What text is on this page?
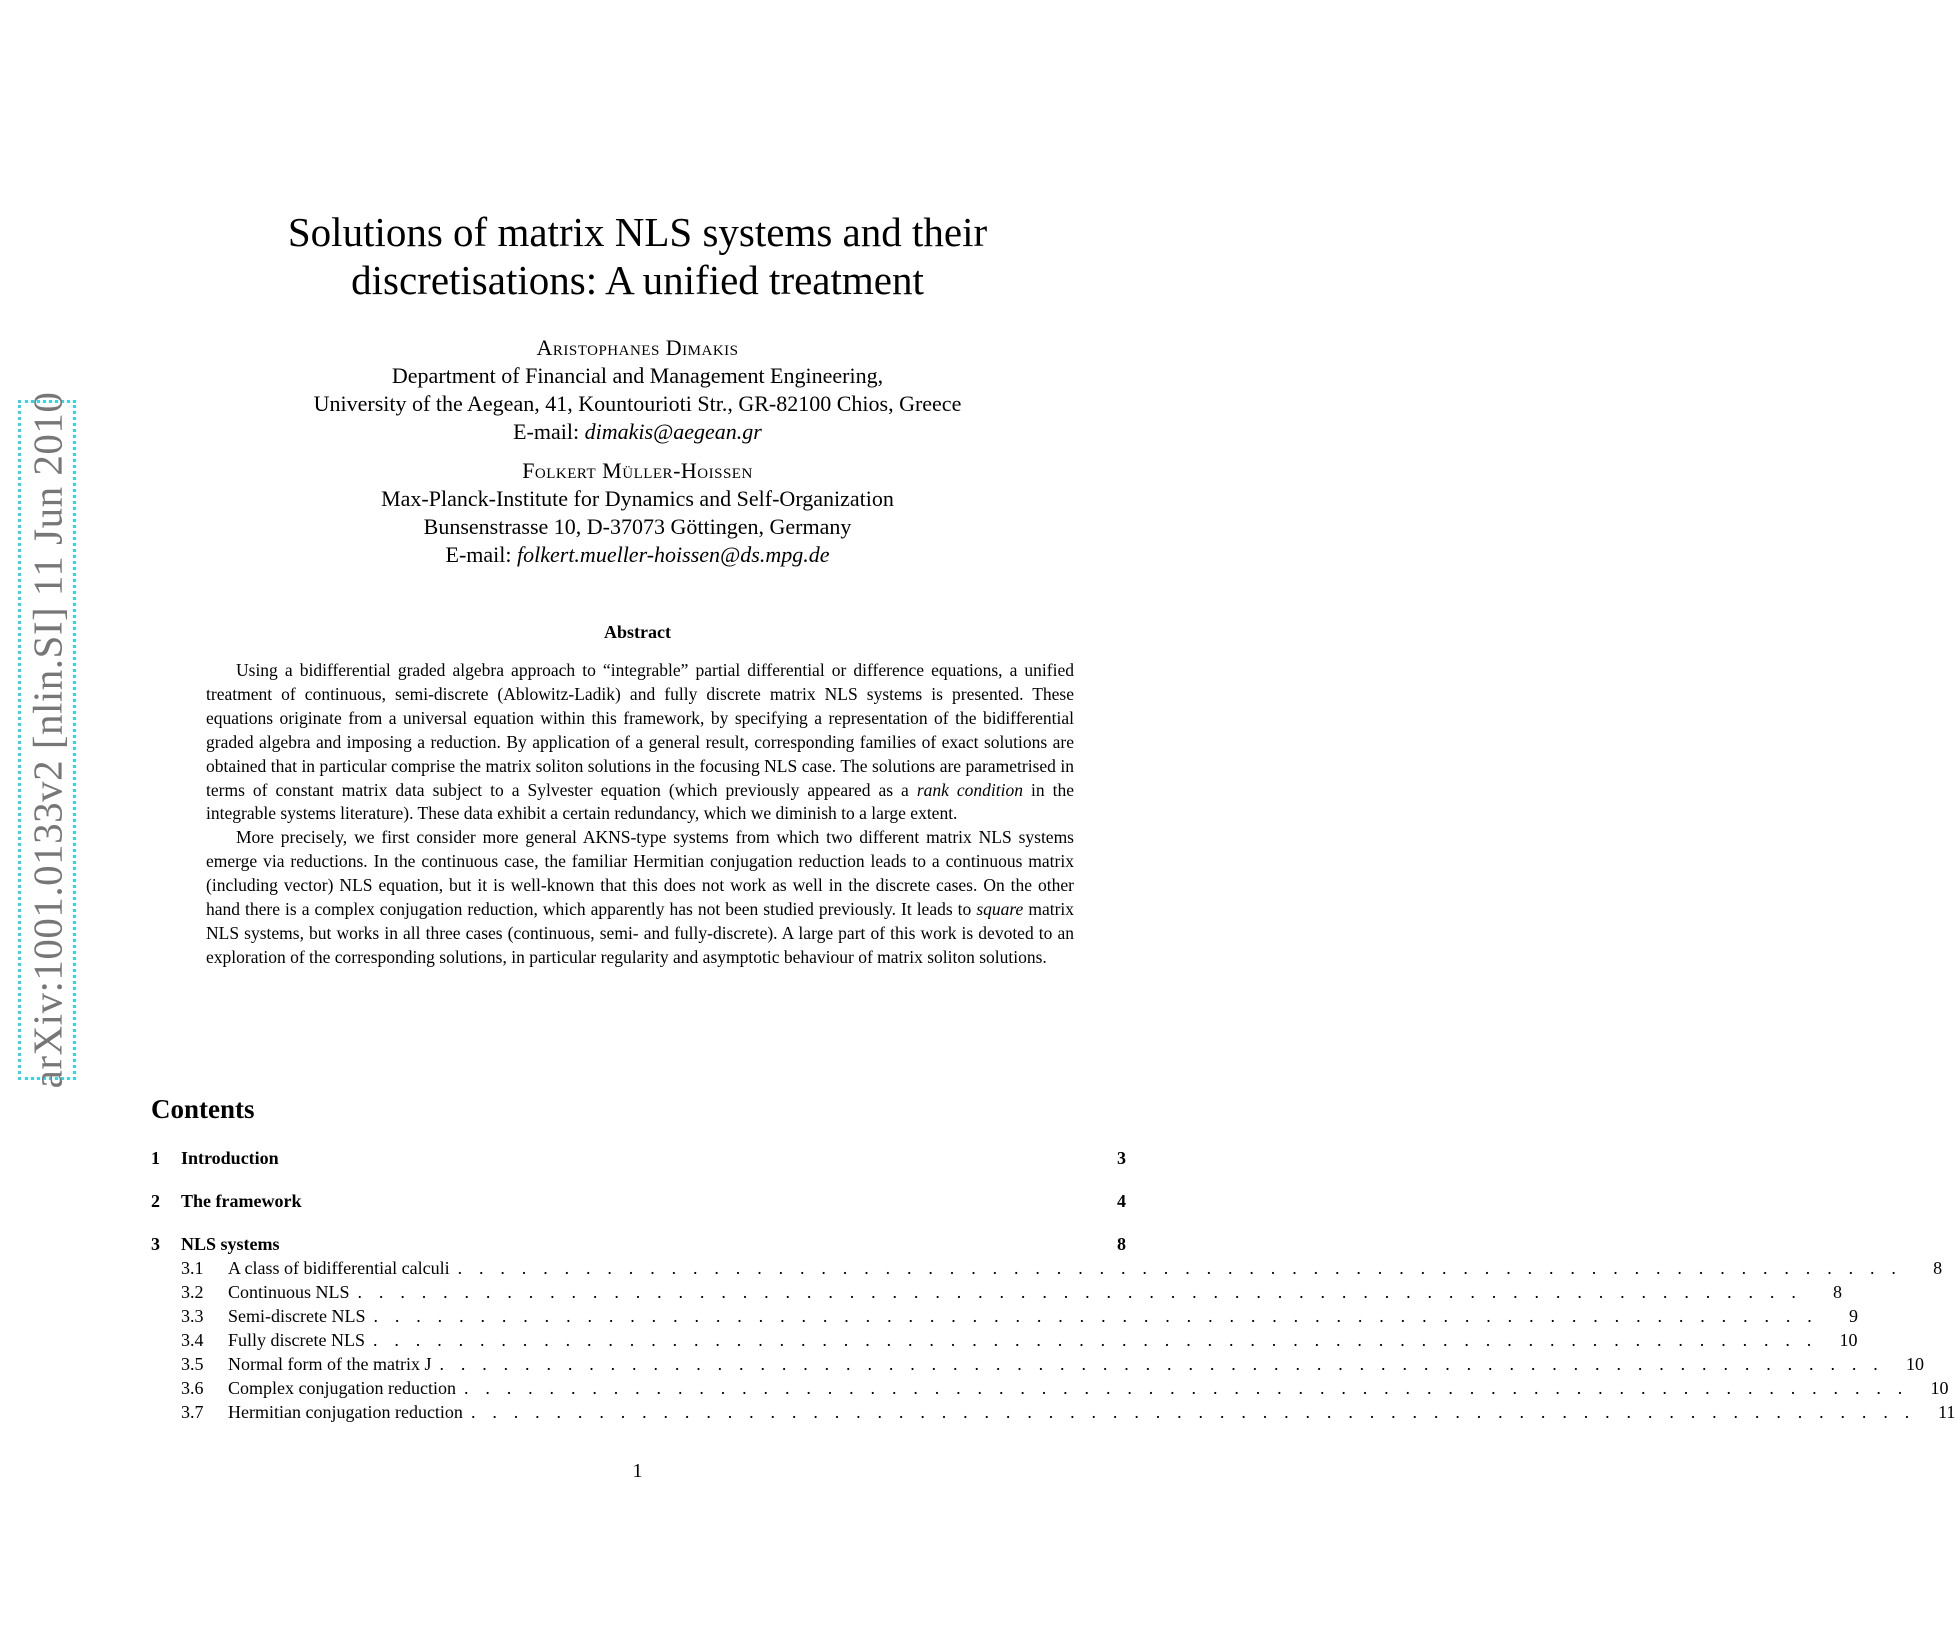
arXiv:1001.0133v2 [nlin.SI] 11 Jun 2010
Solutions of matrix NLS systems and their
discretisations: A unified treatment
Aristophanes Dimakis
Department of Financial and Management Engineering,
University of the Aegean, 41, Kountourioti Str., GR-82100 Chios, Greece
E-mail: dimakis@aegean.gr
Folkert Müller-Hoissen
Max-Planck-Institute for Dynamics and Self-Organization
Bunsenstrasse 10, D-37073 Göttingen, Germany
E-mail: folkert.mueller-hoissen@ds.mpg.de
Abstract

Using a bidifferential graded algebra approach to “integrable” partial differential or difference equations, a unified treatment of continuous, semi-discrete (Ablowitz-Ladik) and fully discrete matrix NLS systems is presented. These equations originate from a universal equation within this framework, by specifying a representation of the bidifferential graded algebra and imposing a reduction. By application of a general result, corresponding families of exact solutions are obtained that in particular comprise the matrix soliton solutions in the focusing NLS case. The solutions are parametrised in terms of constant matrix data subject to a Sylvester equation (which previously appeared as a rank condition in the integrable systems literature). These data exhibit a certain redundancy, which we diminish to a large extent.

More precisely, we first consider more general AKNS-type systems from which two different matrix NLS systems emerge via reductions. In the continuous case, the familiar Hermitian conjugation reduction leads to a continuous matrix (including vector) NLS equation, but it is well-known that this does not work as well in the discrete cases. On the other hand there is a complex conjugation reduction, which apparently has not been studied previously. It leads to square matrix NLS systems, but works in all three cases (continuous, semi- and fully-discrete). A large part of this work is devoted to an exploration of the corresponding solutions, in particular regularity and asymptotic behaviour of matrix soliton solutions.

Contents
1	Introduction	3
2	The framework	4
3	NLS systems	8
3.1	A class of bidifferential calculi . . . . . . . . . . . . . . . . . . . . . . . . . . . . . . . . . . . . . . . . . . . . . . . . . . . . . . . . . . . . . . . . . . . .	8
3.2	Continuous NLS . . . . . . . . . . . . . . . . . . . . . . . . . . . . . . . . . . . . . . . . . . . . . . . . . . . . . . . . . . . . . . . . . . . .	8
3.3	Semi-discrete NLS . . . . . . . . . . . . . . . . . . . . . . . . . . . . . . . . . . . . . . . . . . . . . . . . . . . . . . . . . . . . . . . . . . . .	9
3.4	Fully discrete NLS . . . . . . . . . . . . . . . . . . . . . . . . . . . . . . . . . . . . . . . . . . . . . . . . . . . . . . . . . . . . . . . . . . . .	10
3.5	Normal form of the matrix J . . . . . . . . . . . . . . . . . . . . . . . . . . . . . . . . . . . . . . . . . . . . . . . . . . . . . . . . . . . . . . . . . . . .	10
3.6	Complex conjugation reduction . . . . . . . . . . . . . . . . . . . . . . . . . . . . . . . . . . . . . . . . . . . . . . . . . . . . . . . . . . . . . . . . . . . .	10
3.7	Hermitian conjugation reduction . . . . . . . . . . . . . . . . . . . . . . . . . . . . . . . . . . . . . . . . . . . . . . . . . . . . . . . . . . . . . . . . . . . .	11
1
